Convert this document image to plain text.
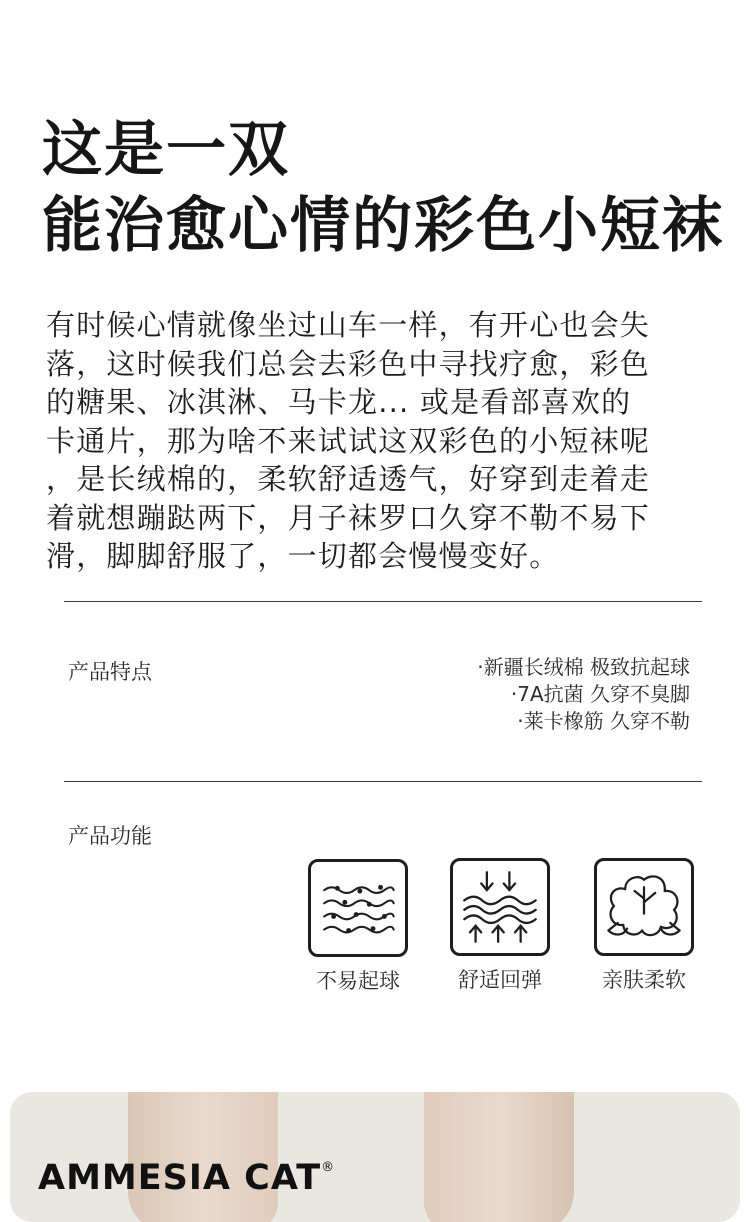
这是一双
能治愈心情的彩色小短袜
有时候心情就像坐过山车一样，有开心也会失
落，这时候我们总会去彩色中寻找疗愈，彩色
的糖果、冰淇淋、马卡龙... 或是看部喜欢的
卡通片，那为啥不来试试这双彩色的小短袜呢
，是长绒棉的，柔软舒适透气，好穿到走着走
着就想蹦跶两下，月子袜罗口久穿不勒不易下
滑，脚脚舒服了，一切都会慢慢变好。

产品特点	·新疆长绒棉 极致抗起球
·7A抗菌 久穿不臭脚
·莱卡橡筋 久穿不勒

产品功能

不易起球	舒适回弹	亲肤柔软
AMMESIA CAT®
